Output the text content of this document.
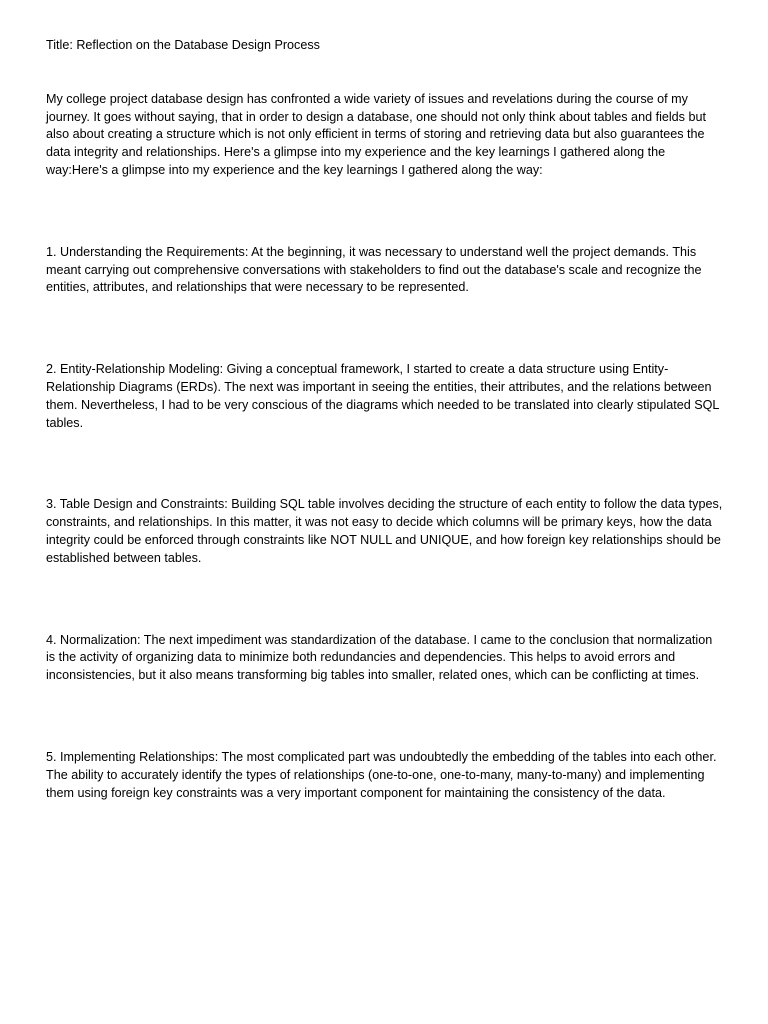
Title: Reflection on the Database Design Process

My college project database design has confronted a wide variety of issues and revelations during the course of my journey. It goes without saying, that in order to design a database, one should not only think about tables and fields but also about creating a structure which is not only efficient in terms of storing and retrieving data but also guarantees the data integrity and relationships. Here's a glimpse into my experience and the key learnings I gathered along the way:Here's a glimpse into my experience and the key learnings I gathered along the way:

1. Understanding the Requirements: At the beginning, it was necessary to understand well the project demands. This meant carrying out comprehensive conversations with stakeholders to find out the database's scale and recognize the entities, attributes, and relationships that were necessary to be represented.

2. Entity-Relationship Modeling: Giving a conceptual framework, I started to create a data structure using Entity-Relationship Diagrams (ERDs). The next was important in seeing the entities, their attributes, and the relations between them. Nevertheless, I had to be very conscious of the diagrams which needed to be translated into clearly stipulated SQL tables.

3. Table Design and Constraints: Building SQL table involves deciding the structure of each entity to follow the data types, constraints, and relationships. In this matter, it was not easy to decide which columns will be primary keys, how the data integrity could be enforced through constraints like NOT NULL and UNIQUE, and how foreign key relationships should be established between tables.

4. Normalization: The next impediment was standardization of the database. I came to the conclusion that normalization is the activity of organizing data to minimize both redundancies and dependencies. This helps to avoid errors and inconsistencies, but it also means transforming big tables into smaller, related ones, which can be conflicting at times.

5. Implementing Relationships: The most complicated part was undoubtedly the embedding of the tables into each other. The ability to accurately identify the types of relationships (one-to-one, one-to-many, many-to-many) and implementing them using foreign key constraints was a very important component for maintaining the consistency of the data.
